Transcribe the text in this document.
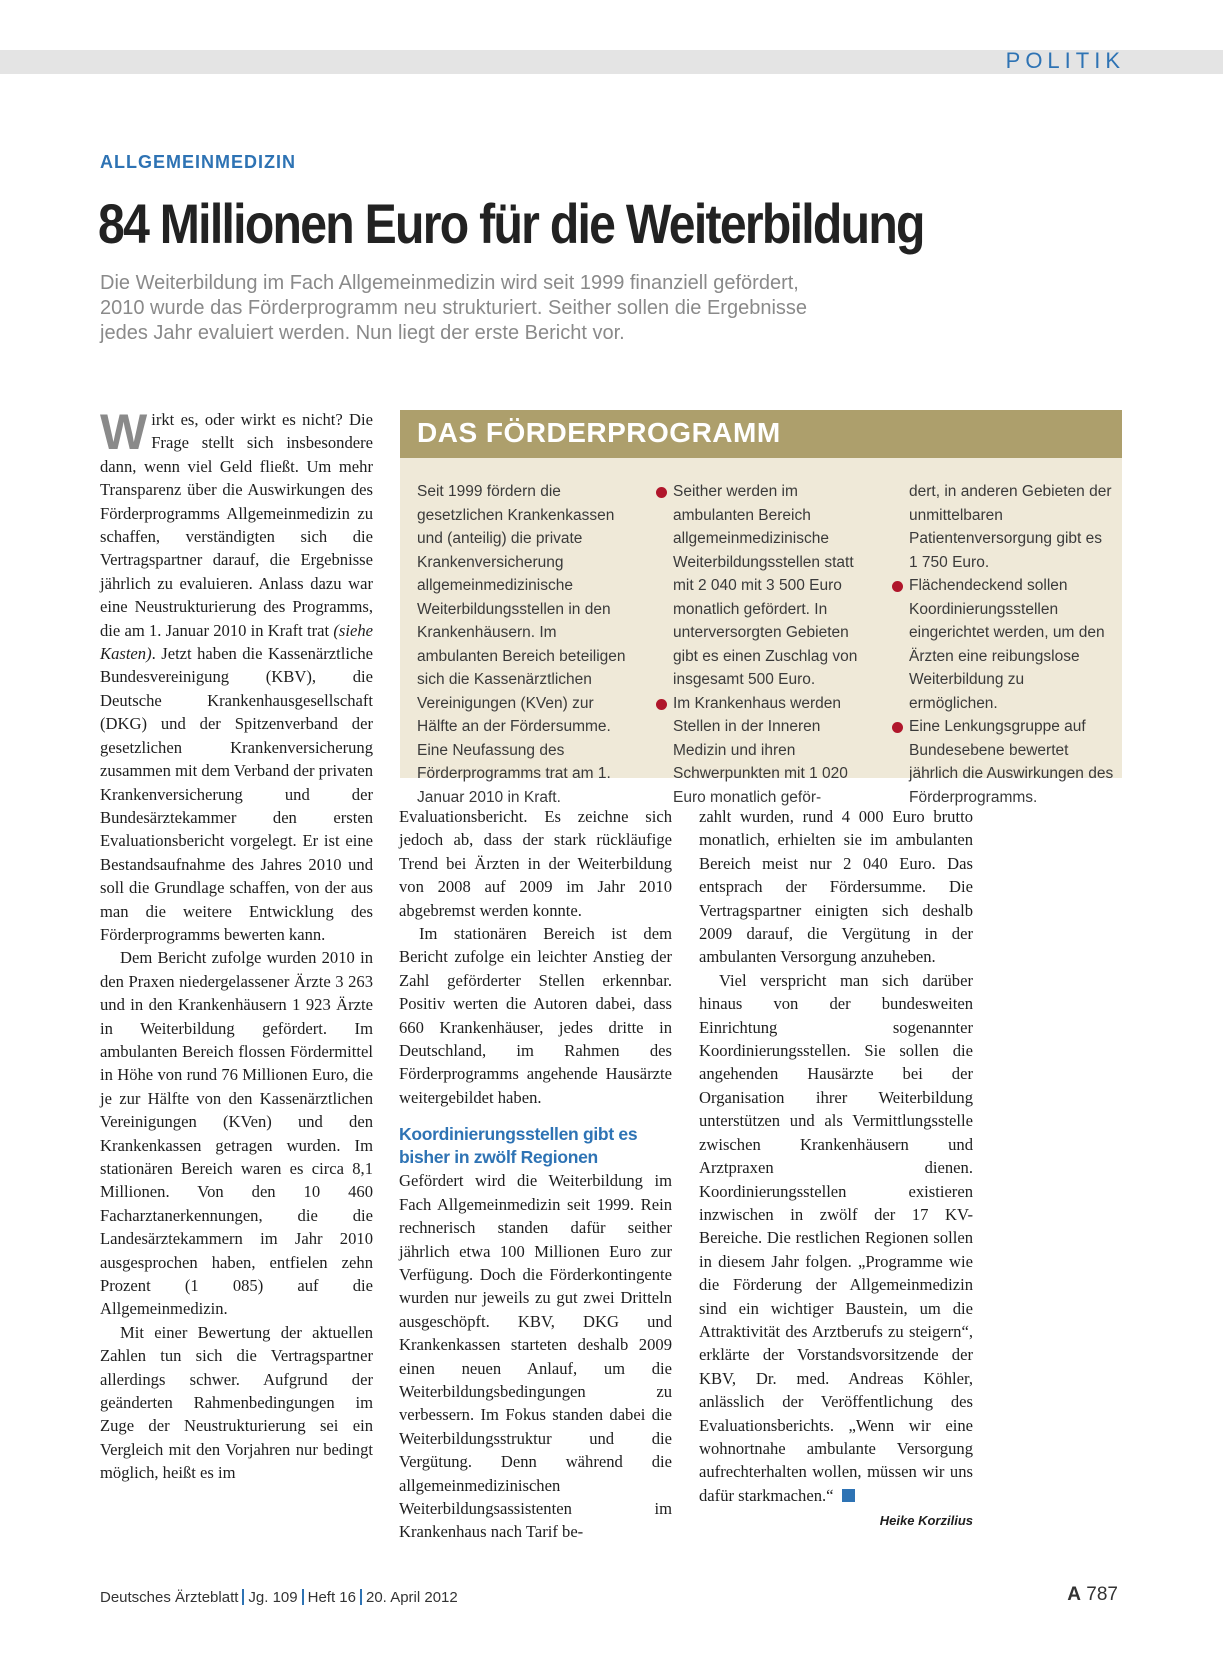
POLITIK
ALLGEMEINMEDIZIN
84 Millionen Euro für die Weiterbildung
Die Weiterbildung im Fach Allgemeinmedizin wird seit 1999 finanziell gefördert,
2010 wurde das Förderprogramm neu strukturiert. Seither sollen die Ergebnisse
jedes Jahr evaluiert werden. Nun liegt der erste Bericht vor.

Wirkt es, oder wirkt es nicht? Die Frage stellt sich insbesondere dann, wenn viel Geld fließt. Um mehr Transparenz über die Auswirkungen des Förderprogramms Allgemeinmedizin zu schaffen, verständigten sich die Vertragspartner darauf, die Ergebnisse jährlich zu evaluieren. Anlass dazu war eine Neustrukturierung des Programms, die am 1. Januar 2010 in Kraft trat (siehe Kasten). Jetzt haben die Kassenärztliche Bundesvereinigung (KBV), die Deutsche Krankenhausgesellschaft (DKG) und der Spitzenverband der gesetzlichen Krankenversicherung zusammen mit dem Verband der privaten Krankenversicherung und der Bundesärztekammer den ersten Evaluationsbericht vorgelegt. Er ist eine Bestandsaufnahme des Jahres 2010 und soll die Grundlage schaffen, von der aus man die weitere Entwicklung des Förderprogramms bewerten kann.

Dem Bericht zufolge wurden 2010 in den Praxen niedergelassener Ärzte 3 263 und in den Krankenhäusern 1 923 Ärzte in Weiterbildung gefördert. Im ambulanten Bereich flossen Fördermittel in Höhe von rund 76 Millionen Euro, die je zur Hälfte von den Kassenärztlichen Vereinigungen (KVen) und den Krankenkassen getragen wurden. Im stationären Bereich waren es circa 8,1 Millionen. Von den 10 460 Facharztanerkennungen, die die Landesärztekammern im Jahr 2010 ausgesprochen haben, entfielen zehn Prozent (1 085) auf die Allgemeinmedizin.

Mit einer Bewertung der aktuellen Zahlen tun sich die Vertragspartner allerdings schwer. Aufgrund der geänderten Rahmenbedingungen im Zuge der Neustrukturierung sei ein Vergleich mit den Vorjahren nur bedingt möglich, heißt es im

DAS FÖRDERPROGRAMM

Seit 1999 fördern die gesetzlichen Krankenkassen und (anteilig) die private Krankenversicherung allgemeinmedizinische Weiterbildungsstellen in den Krankenhäusern. Im ambulanten Bereich beteiligen sich die Kassenärztlichen Vereinigungen (KVen) zur Hälfte an der Fördersumme. Eine Neufassung des Förderprogramms trat am 1. Januar 2010 in Kraft.

Seither werden im ambulanten Bereich allgemeinmedizinische Weiterbildungsstellen statt mit 2 040 mit 3 500 Euro monatlich gefördert. In unterversorgten Gebieten gibt es einen Zuschlag von insgesamt 500 Euro.

Im Krankenhaus werden Stellen in der Inneren Medizin und ihren Schwerpunkten mit 1 020 Euro monatlich geför-

dert, in anderen Gebieten der unmittelbaren Patientenversorgung gibt es 1 750 Euro.

Flächendeckend sollen Koordinierungsstellen eingerichtet werden, um den Ärzten eine reibungslose Weiterbildung zu ermöglichen.

Eine Lenkungsgruppe auf Bundesebene bewertet jährlich die Auswirkungen des Förderprogramms.

Evaluationsbericht. Es zeichne sich jedoch ab, dass der stark rückläufige Trend bei Ärzten in der Weiterbildung von 2008 auf 2009 im Jahr 2010 abgebremst werden konnte.

Im stationären Bereich ist dem Bericht zufolge ein leichter Anstieg der Zahl geförderter Stellen erkennbar. Positiv werten die Autoren dabei, dass 660 Krankenhäuser, jedes dritte in Deutschland, im Rahmen des Förderprogramms angehende Hausärzte weitergebildet haben.

Koordinierungsstellen gibt es bisher in zwölf Regionen

Gefördert wird die Weiterbildung im Fach Allgemeinmedizin seit 1999. Rein rechnerisch standen dafür seither jährlich etwa 100 Millionen Euro zur Verfügung. Doch die Förderkontingente wurden nur jeweils zu gut zwei Dritteln ausgeschöpft. KBV, DKG und Krankenkassen starteten deshalb 2009 einen neuen Anlauf, um die Weiterbildungsbedingungen zu verbessern. Im Fokus standen dabei die Weiterbildungsstruktur und die Vergütung. Denn während die allgemeinmedizinischen Weiterbildungsassistenten im Krankenhaus nach Tarif be-

zahlt wurden, rund 4 000 Euro brutto monatlich, erhielten sie im ambulanten Bereich meist nur 2 040 Euro. Das entsprach der Fördersumme. Die Vertragspartner einigten sich deshalb 2009 darauf, die Vergütung in der ambulanten Versorgung anzuheben.

Viel verspricht man sich darüber hinaus von der bundesweiten Einrichtung sogenannter Koordinierungsstellen. Sie sollen die angehenden Hausärzte bei der Organisation ihrer Weiterbildung unterstützen und als Vermittlungsstelle zwischen Krankenhäusern und Arztpraxen dienen. Koordinierungsstellen existieren inzwischen in zwölf der 17 KV-Bereiche. Die restlichen Regionen sollen in diesem Jahr folgen. „Programme wie die Förderung der Allgemeinmedizin sind ein wichtiger Baustein, um die Attraktivität des Arztberufs zu steigern“, erklärte der Vorstandsvorsitzende der KBV, Dr. med. Andreas Köhler, anlässlich der Veröffentlichung des Evaluationsberichts. „Wenn wir eine wohnortnahe ambulante Versorgung aufrechterhalten wollen, müssen wir uns dafür starkmachen.“

Heike Korzilius
Deutsches Ärzteblatt Jg. 109 Heft 16 20. April 2012	A 787
